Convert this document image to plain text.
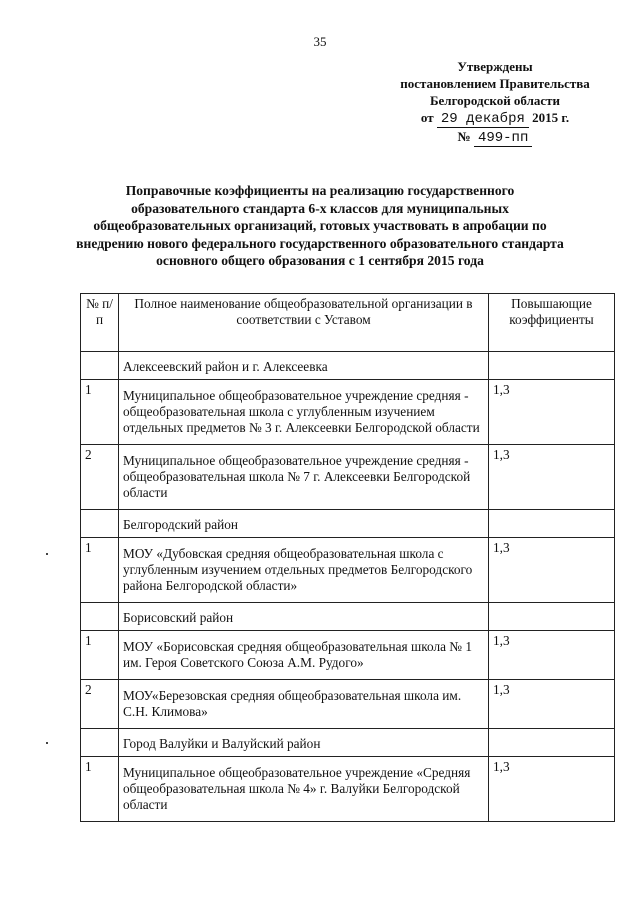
35
Утверждены
постановлением Правительства
Белгородской области
от 29 декабря 2015 г.
№ 499-пп
Поправочные коэффициенты на реализацию государственного образовательного стандарта 6-х классов для муниципальных общеобразовательных организаций, готовых участвовать в апробации по внедрению нового федерального государственного образовательного стандарта основного общего образования с 1 сентября 2015 года
№ п/п	Полное наименование общеобразовательной организации в соответствии с Уставом	Повышающие коэффициенты
	Алексеевский район и г. Алексеевка	
1	Муниципальное общеобразовательное учреждение средняя - общеобразовательная школа с углубленным изучением отдельных предметов № 3 г. Алексеевки Белгородской области	1,3
2	Муниципальное общеобразовательное учреждение средняя - общеобразовательная школа № 7 г. Алексеевки Белгородской области	1,3
	Белгородский район	
1	МОУ «Дубовская средняя общеобразовательная школа с углубленным изучением отдельных предметов Белгородского района Белгородской области»	1,3
	Борисовский район	
1	МОУ «Борисовская средняя общеобразовательная школа № 1 им. Героя Советского Союза А.М. Рудого»	1,3
2	МОУ«Березовская средняя общеобразовательная школа им. С.Н. Климова»	1,3
	Город Валуйки и Валуйский район	
1	Муниципальное общеобразовательное учреждение «Средняя общеобразовательная школа № 4» г. Валуйки Белгородской области	1,3
